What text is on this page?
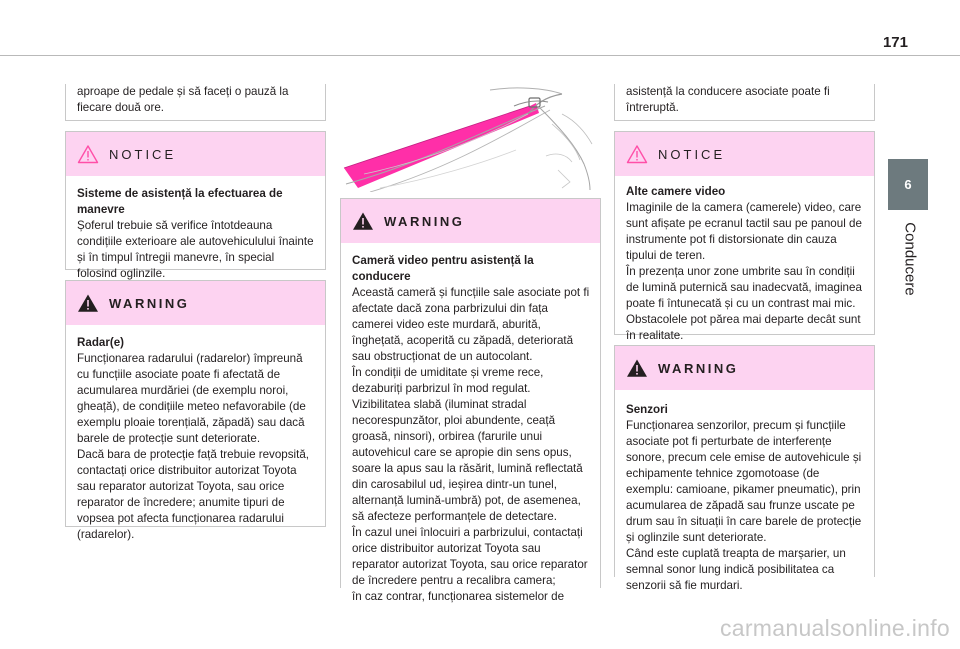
171
6
Conducere
aproape de pedale și să faceți o pauză la fiecare două ore.
NOTICE

Sisteme de asistență la efectuarea de manevre

Șoferul trebuie să verifice întotdeauna condițiile exterioare ale autovehiculului înainte și în timpul întregii manevre, în special folosind oglinzile.

WARNING

Radar(e)

Funcționarea radarului (radarelor) împreună cu funcțiile asociate poate fi afectată de acumularea murdăriei (de exemplu noroi, gheață), de condițiile meteo nefavorabile (de exemplu ploaie torențială, zăpadă) sau dacă barele de protecție sunt deteriorate.

Dacă bara de protecție față trebuie revopsită, contactați orice distribuitor autorizat Toyota sau reparator autorizat Toyota, sau orice reparator de încredere; anumite tipuri de vopsea pot afecta funcționarea radarului (radarelor).

WARNING

Cameră video pentru asistență la conducere

Această cameră și funcțiile sale asociate pot fi afectate dacă zona parbrizului din fața camerei video este murdară, aburită, înghețată, acoperită cu zăpadă, deteriorată sau obstrucționat de un autocolant.

În condiții de umiditate și vreme rece, dezaburiți parbrizul în mod regulat.

Vizibilitatea slabă (iluminat stradal necorespunzător, ploi abundente, ceață groasă, ninsori), orbirea (farurile unui autovehicul care se apropie din sens opus, soare la apus sau la răsărit, lumină reflectată din carosabilul ud, ieșirea dintr-un tunel, alternanță lumină-umbră) pot, de asemenea, să afecteze performanțele de detectare.

În cazul unei înlocuiri a parbrizului, contactați orice distribuitor autorizat Toyota sau reparator autorizat Toyota, sau orice reparator de încredere pentru a recalibra camera;

în caz contrar, funcționarea sistemelor de

asistență la conducere asociate poate fi întreruptă.
NOTICE

Alte camere video

Imaginile de la camera (camerele) video, care sunt afișate pe ecranul tactil sau pe panoul de instrumente pot fi distorsionate din cauza tipului de teren.

În prezența unor zone umbrite sau în condiții de lumină puternică sau inadecvată, imaginea poate fi întunecată și cu un contrast mai mic.

Obstacolele pot părea mai departe decât sunt în realitate.

WARNING

Senzori

Funcționarea senzorilor, precum și funcțiile asociate pot fi perturbate de interferențe sonore, precum cele emise de autovehicule și echipamente tehnice zgomotoase (de exemplu: camioane, pikamer pneumatic), prin acumularea de zăpadă sau frunze uscate pe drum sau în situații în care barele de protecție și oglinzile sunt deteriorate.

Când este cuplată treapta de marșarier, un semnal sonor lung indică posibilitatea ca senzorii să fie murdari.

carmanualsonline.info
